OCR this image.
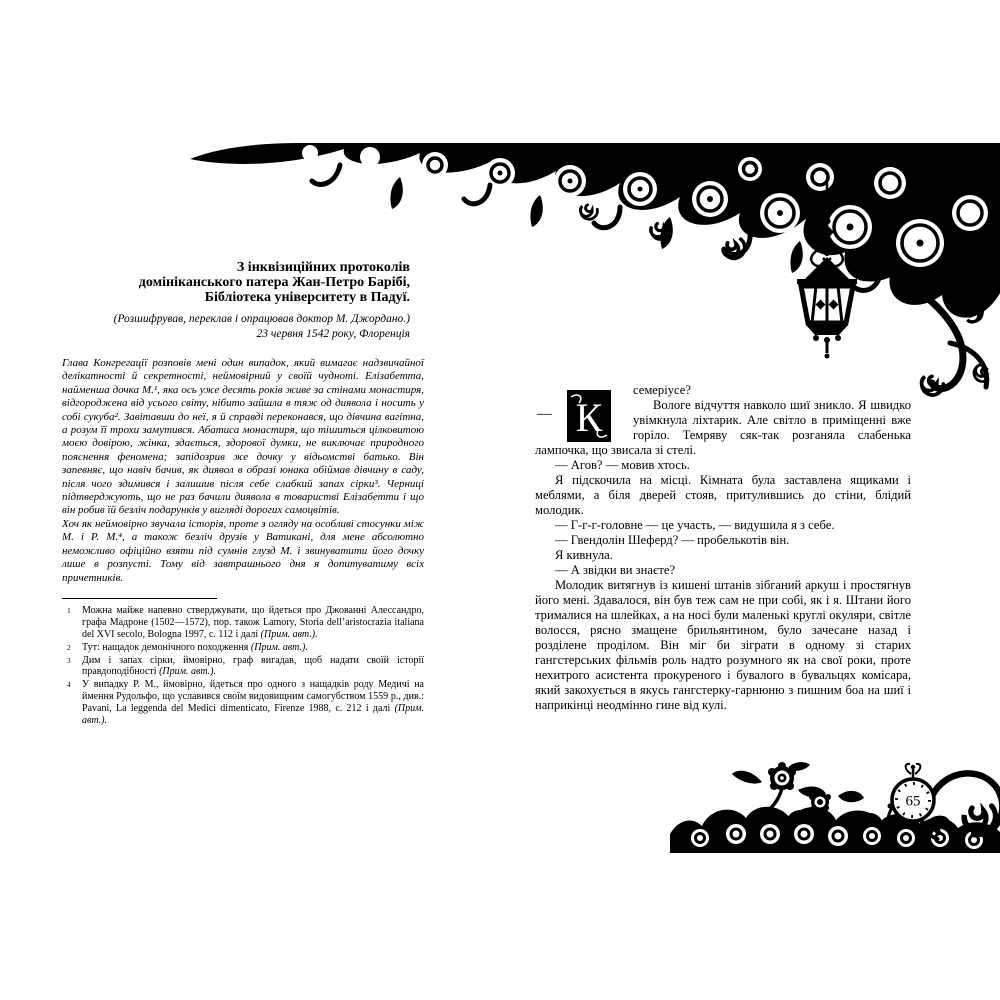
З інквізиційних протоколів
домініканського патера Жан-Петро Барібі,
Бібліотека університету в Падуї.
(Розшифрував, переклав і опрацював доктор М. Джордано.)
23 червня 1542 року, Флоренція

Глава Конгрегації розповів мені один випадок, який вимагає надзвичайної делікатності й секретності, неймовірний у своїй чудноті. Елізабетта, найменша дочка М.¹, яка ось уже десять років живе за стінами монастиря, відгороджена від усього світу, нібито зайшла в тяж од диявола і носить у собі сукуба². Завітавши до неї, я й справді переконався, що дівчина вагітна, а розум її трохи замутився. Абатиса монастиря, що тішиться цілковитою моєю довірою, жінка, здається, здорової думки, не виключає природного пояснення феномена; запідозрив же дочку у відьомстві батько. Він запевняє, що навіч бачив, як диявол в образі юнака обіймав дівчину в саду, після чого здимився і залишив після себе слабкий запах сірки³. Черниці підтверджують, що не раз бачили диявола в товаристві Елізабетти і що він робив їй безліч подарунків у вигляді дорогих самоцвітів.

Хоч як неймовірно звучала історія, проте з огляду на особливі стосунки між М. і Р. М.⁴, а також безліч друзів у Ватикані, для мене абсолютно неможливо офіційно взяти під сумнів глузд М. і звинуватити його дочку лише в розпусті. Тому від завтрашнього дня я допитуватиму всіх причетників.

1 Можна майже напевно стверджувати, що йдеться про Джованні Алессандро, графа Мадроне (1502—1572), пор. також Lamory, Storia dell’aristocrazia italiana del XVI secolo, Bologna 1997, с. 112 і далі (Прим. авт.).
2 Тут: нащадок демонічного походження (Прим. авт.).
3 Дим і запах сірки, ймовірно, граф вигадав, щоб надати своїй історії правдоподібності (Прим. авт.).
4 У випадку Р. М., ймовірно, йдеться про одного з нащадків роду Медичі на ймення Рудольфо, що уславився своїм видовищним самогубством 1559 р., див.: Pavani, La leggenda del Medici dimenticato, Firenze 1988, с. 212 і далі (Прим. авт.).
— К

семеріусе?

Вологе відчуття навколо шиї зникло. Я швидко увімкнула ліхтарик. Але світло в приміщенні вже горіло. Темряву сяк-так розганяла слабенька лампочка, що звисала зі стелі.

— Агов? — мовив хтось.

Я підскочила на місці. Кімната була заставлена ящиками і меблями, а біля дверей стояв, притулившись до стіни, блідий молодик.

— Г-г-г-головне — це участь, — видушила я з себе.

— Гвендолін Шеферд? — пробелькотів він.

Я кивнула.

— А звідки ви знаєте?

Молодик витягнув із кишені штанів зібганий аркуш і простягнув його мені. Здавалося, він був теж сам не при собі, як і я. Штани його трималися на шлейках, а на носі були маленькі круглі окуляри, світле волосся, рясно змащене брильянтином, було зачесане назад і розділене проділом. Він міг би зіграти в одному зі старих гангстерських фільмів роль надто розумного як на свої роки, проте нехитрого асистента прокуреного і бувалого в бувальцях комісара, який закохується в якусь гангстерку-гарнюню з пишним боа на шиї і наприкінці неодмінно гине від кулі.

65
